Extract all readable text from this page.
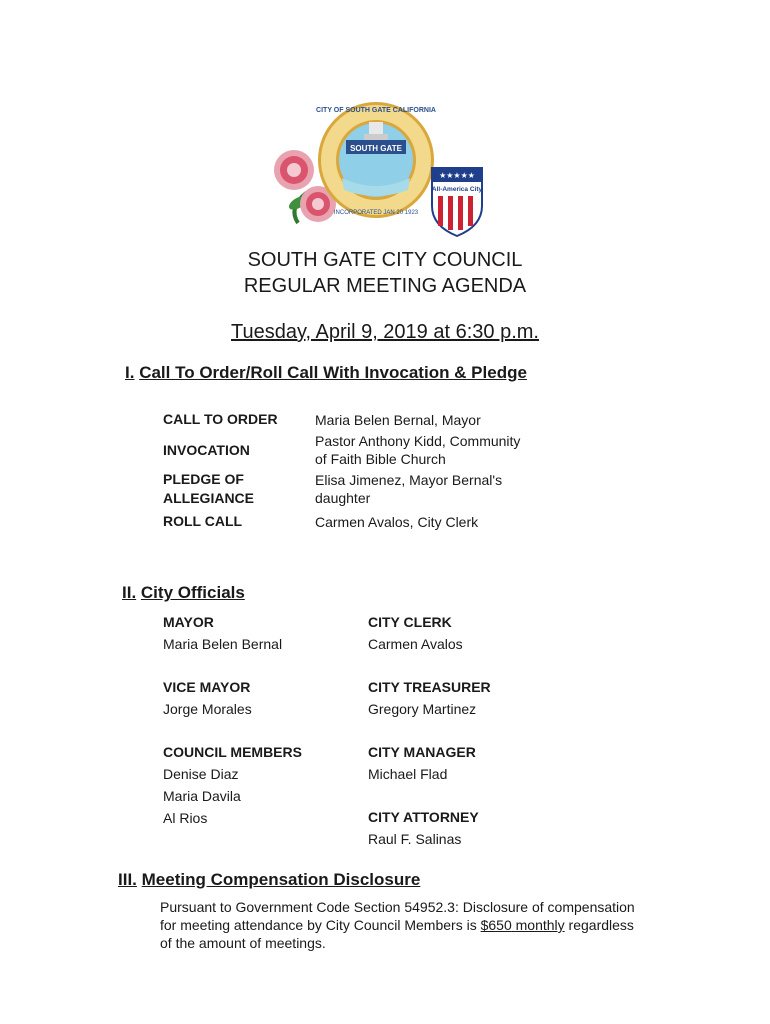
SOUTH GATE
CITY OF SOUTH GATE CALIFORNIA
INCORPORATED JAN 20 1923
★★★★★
All-America City
SOUTH GATE CITY COUNCIL
REGULAR MEETING AGENDA
Tuesday, April 9, 2019 at 6:30 p.m.
I. Call To Order/Roll Call With Invocation & Pledge
CALL TO ORDER	Maria Belen Bernal, Mayor
INVOCATION
Pastor Anthony Kidd, Community
of Faith Bible Church
PLEDGE OF
ALLEGIANCE
Elisa Jimenez, Mayor Bernal's
daughter
ROLL CALL	Carmen Avalos, City Clerk
II. City Officials
MAYOR
Maria Belen Bernal
VICE MAYOR
Jorge Morales
COUNCIL MEMBERS
Denise Diaz
Maria Davila
Al Rios
CITY CLERK
Carmen Avalos
CITY TREASURER
Gregory Martinez
CITY MANAGER
Michael Flad
CITY ATTORNEY
Raul F. Salinas
III. Meeting Compensation Disclosure
Pursuant to Government Code Section 54952.3: Disclosure of compensation for meeting attendance by City Council Members is $650 monthly regardless of the amount of meetings.
